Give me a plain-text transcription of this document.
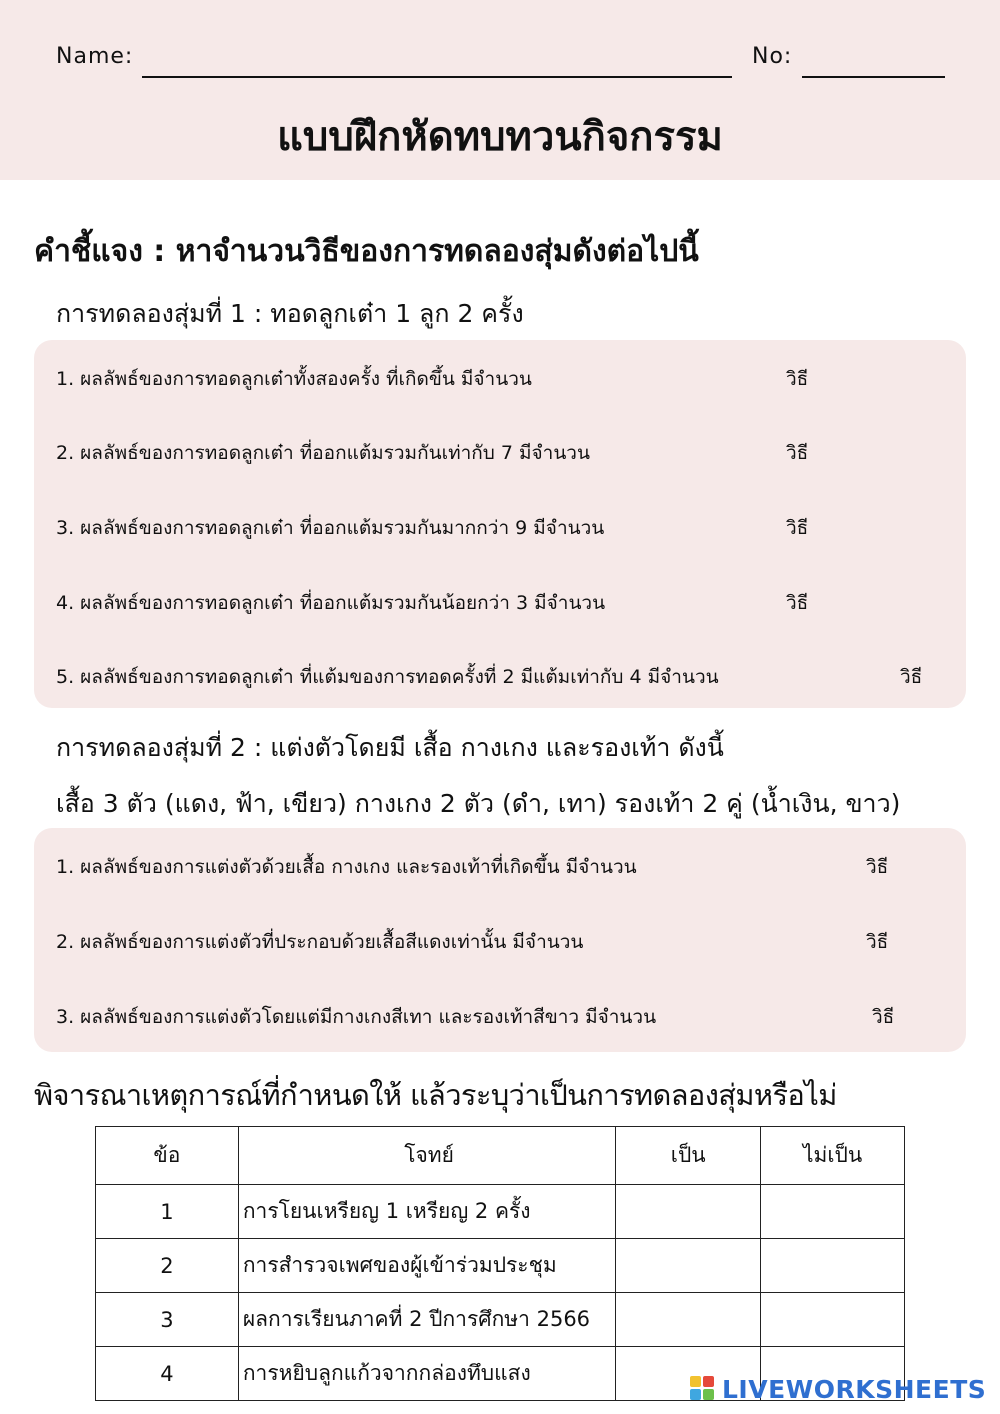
Name:	No:
แบบฝึกหัดทบทวนกิจกรรม
คำชี้แจง : หาจำนวนวิธีของการทดลองสุ่มดังต่อไปนี้
การทดลองสุ่มที่ 1 : ทอดลูกเต๋า 1 ลูก 2 ครั้ง
1. ผลลัพธ์ของการทอดลูกเต๋าทั้งสองครั้ง ที่เกิดขึ้น มีจำนวน	วิธี
2. ผลลัพธ์ของการทอดลูกเต๋า ที่ออกแต้มรวมกันเท่ากับ 7 มีจำนวน	วิธี
3. ผลลัพธ์ของการทอดลูกเต๋า ที่ออกแต้มรวมกันมากกว่า 9 มีจำนวน	วิธี
4. ผลลัพธ์ของการทอดลูกเต๋า ที่ออกแต้มรวมกันน้อยกว่า 3 มีจำนวน	วิธี
5. ผลลัพธ์ของการทอดลูกเต๋า ที่แต้มของการทอดครั้งที่ 2 มีแต้มเท่ากับ 4 มีจำนวน	วิธี
การทดลองสุ่มที่ 2 : แต่งตัวโดยมี เสื้อ กางเกง และรองเท้า ดังนี้
เสื้อ 3 ตัว (แดง, ฟ้า, เขียว) กางเกง 2 ตัว (ดำ, เทา) รองเท้า 2 คู่ (น้ำเงิน, ขาว)
1. ผลลัพธ์ของการแต่งตัวด้วยเสื้อ กางเกง และรองเท้าที่เกิดขึ้น มีจำนวน	วิธี
2. ผลลัพธ์ของการแต่งตัวที่ประกอบด้วยเสื้อสีแดงเท่านั้น มีจำนวน	วิธี
3. ผลลัพธ์ของการแต่งตัวโดยแต่มีกางเกงสีเทา และรองเท้าสีขาว มีจำนวน	วิธี
พิจารณาเหตุการณ์ที่กำหนดให้ แล้วระบุว่าเป็นการทดลองสุ่มหรือไม่
ข้อ	โจทย์	เป็น	ไม่เป็น
1	การโยนเหรียญ 1 เหรียญ 2 ครั้ง		
2	การสำรวจเพศของผู้เข้าร่วมประชุม		
3	ผลการเรียนภาคที่ 2 ปีการศึกษา 2566		
4	การหยิบลูกแก้วจากกล่องทึบแสง		
LIVEWORKSHEETS
